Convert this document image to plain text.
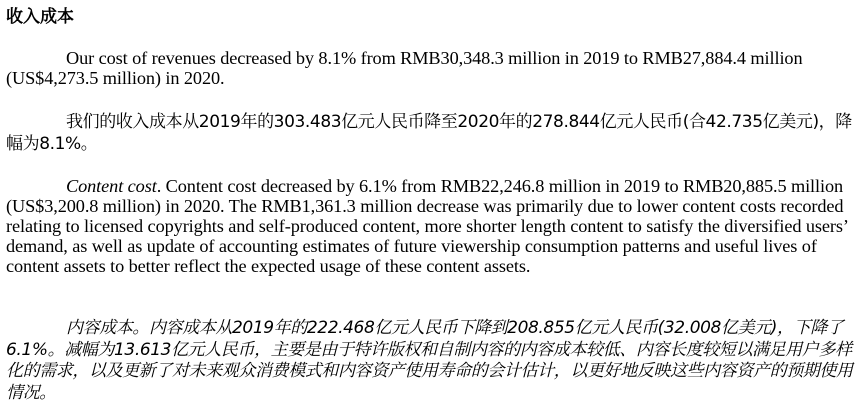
收入成本

Our cost of revenues decreased by 8.1% from RMB30,348.3 million in 2019 to RMB27,884.4 million (US$4,273.5 million) in 2020.

我们的收入成本从2019年的303.483亿元人民币降至2020年的278.844亿元人民币(合42.735亿美元)，降幅为8.1%。

Content cost. Content cost decreased by 6.1% from RMB22,246.8 million in 2019 to RMB20,885.5 million (US$3,200.8 million) in 2020. The RMB1,361.3 million decrease was primarily due to lower content costs recorded relating to licensed copyrights and self-produced content, more shorter length content to satisfy the diversified users’ demand, as well as update of accounting estimates of future viewership consumption patterns and useful lives of content assets to better reflect the expected usage of these content assets.

内容成本。内容成本从2019年的222.468亿元人民币下降到208.855亿元人民币(32.008亿美元)，下降了6.1%。减幅为13.613亿元人民币，主要是由于特许版权和自制内容的内容成本较低、内容长度较短以满足用户多样化的需求，以及更新了对未来观众消费模式和内容资产使用寿命的会计估计，以更好地反映这些内容资产的预期使用情况。
